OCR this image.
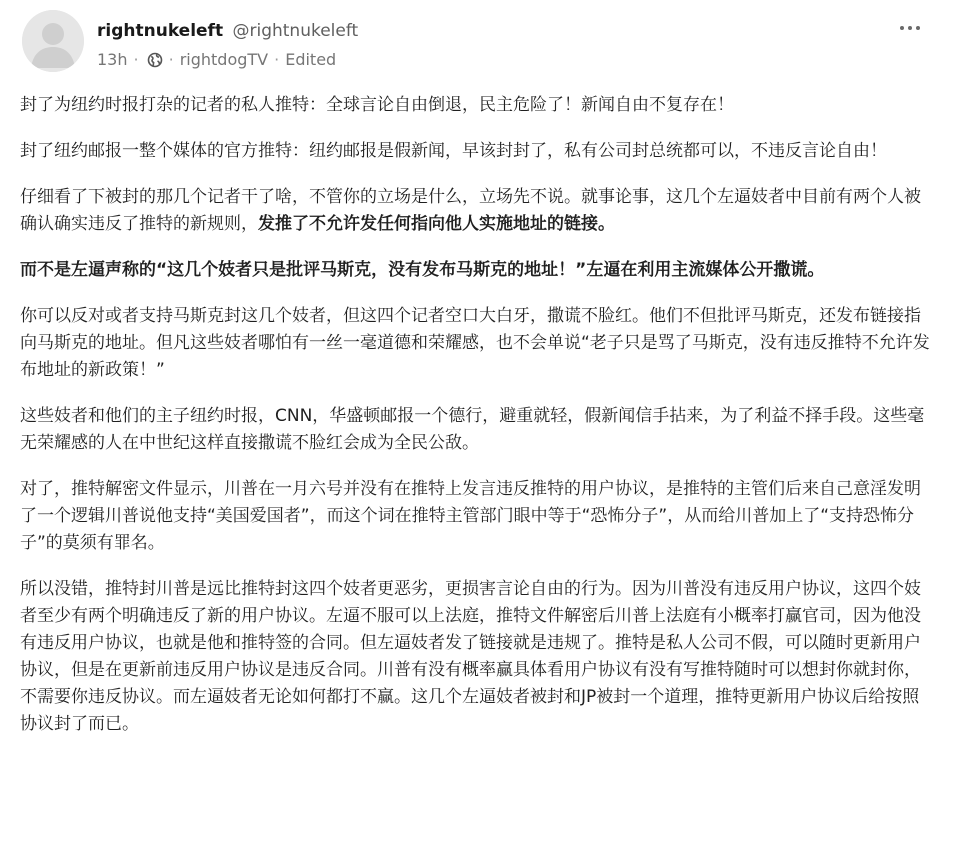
rightnukeleft @rightnukeleft
13h · · rightdogTV · Edited

封了为纽约时报打杂的记者的私人推特：全球言论自由倒退，民主危险了！新闻自由不复存在！

封了纽约邮报一整个媒体的官方推特：纽约邮报是假新闻，早该封封了，私有公司封总统都可以，不违反言论自由！

仔细看了下被封的那几个记者干了啥，不管你的立场是什么，立场先不说。就事论事，这几个左逼妓者中目前有两个人被确认确实违反了推特的新规则，发推了不允许发任何指向他人实施地址的链接。

而不是左逼声称的“这几个妓者只是批评马斯克，没有发布马斯克的地址！”左逼在利用主流媒体公开撒谎。

你可以反对或者支持马斯克封这几个妓者，但这四个记者空口大白牙，撒谎不脸红。他们不但批评马斯克，还发布链接指向马斯克的地址。但凡这些妓者哪怕有一丝一毫道德和荣耀感，也不会单说“老子只是骂了马斯克，没有违反推特不允许发布地址的新政策！”

这些妓者和他们的主子纽约时报，CNN，华盛顿邮报一个德行，避重就轻，假新闻信手拈来，为了利益不择手段。这些毫无荣耀感的人在中世纪这样直接撒谎不脸红会成为全民公敌。

对了，推特解密文件显示，川普在一月六号并没有在推特上发言违反推特的用户协议，是推特的主管们后来自己意淫发明了一个逻辑川普说他支持“美国爱国者”，而这个词在推特主管部门眼中等于“恐怖分子”，从而给川普加上了“支持恐怖分子”的莫须有罪名。

所以没错，推特封川普是远比推特封这四个妓者更恶劣，更损害言论自由的行为。因为川普没有违反用户协议，这四个妓者至少有两个明确违反了新的用户协议。左逼不服可以上法庭，推特文件解密后川普上法庭有小概率打赢官司，因为他没有违反用户协议，也就是他和推特签的合同。但左逼妓者发了链接就是违规了。推特是私人公司不假，可以随时更新用户协议，但是在更新前违反用户协议是违反合同。川普有没有概率赢具体看用户协议有没有写推特随时可以想封你就封你，不需要你违反协议。而左逼妓者无论如何都打不赢。这几个左逼妓者被封和JP被封一个道理，推特更新用户协议后给按照协议封了而已。
